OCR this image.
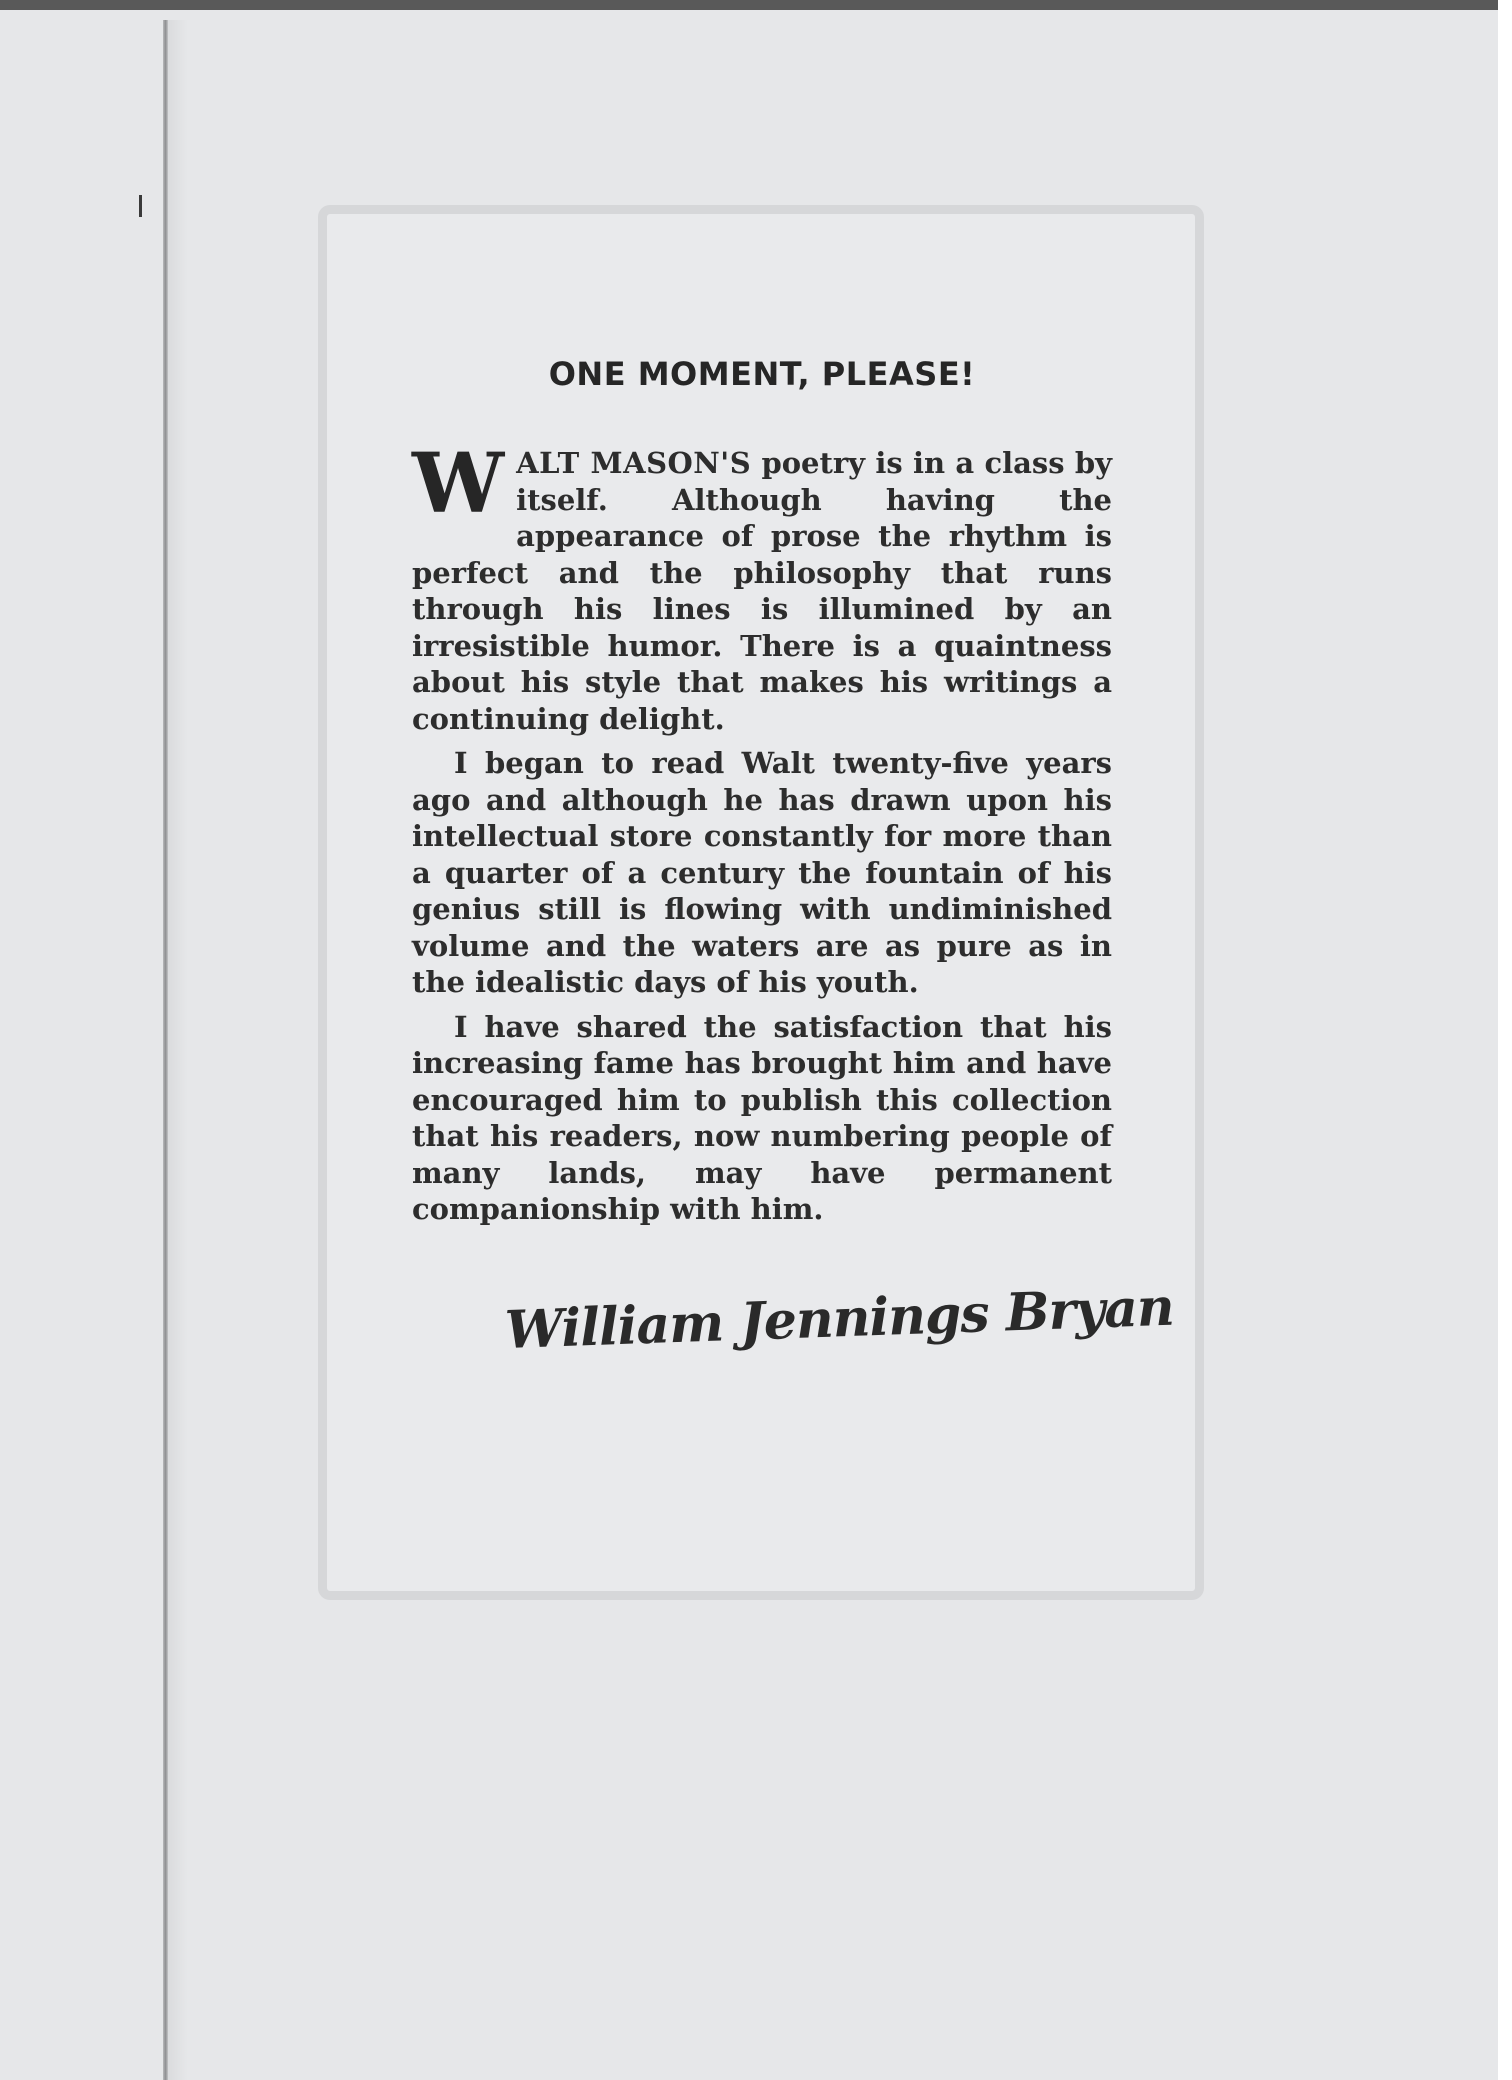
ONE MOMENT, PLEASE!

WALT MASON'S poetry is in a class by itself. Although having the appearance of prose the rhythm is perfect and the philosophy that runs through his lines is illumined by an irresistible humor. There is a quaintness about his style that makes his writings a continuing delight.

I began to read Walt twenty-five years ago and although he has drawn upon his intellectual store constantly for more than a quarter of a century the fountain of his genius still is flowing with undiminished volume and the waters are as pure as in the idealistic days of his youth.

I have shared the satisfaction that his increasing fame has brought him and have encouraged him to publish this collection that his readers, now numbering people of many lands, may have permanent companionship with him.

William Jennings Bryan
